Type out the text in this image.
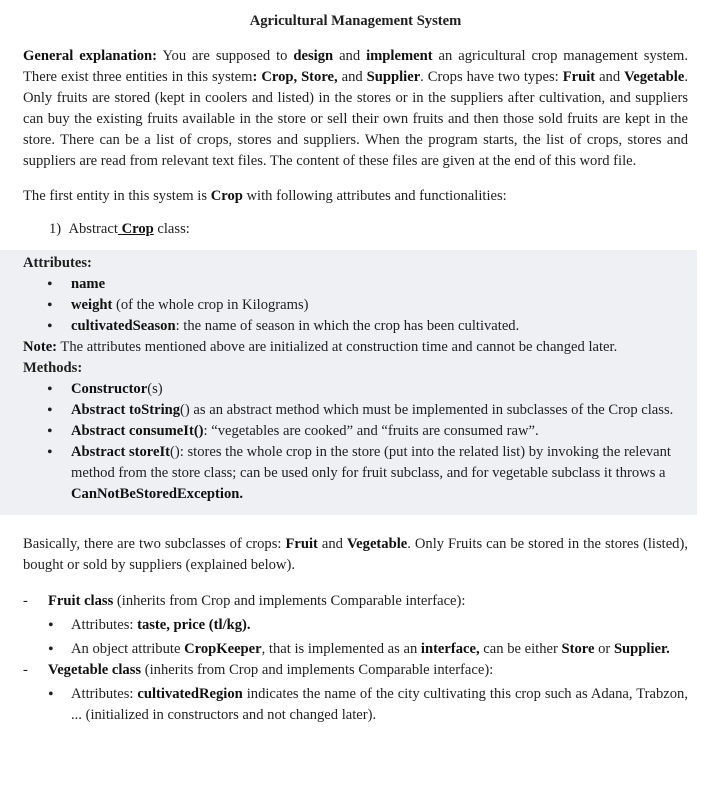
Agricultural Management System

General explanation: You are supposed to design and implement an agricultural crop management system. There exist three entities in this system: Crop, Store, and Supplier. Crops have two types: Fruit and Vegetable. Only fruits are stored (kept in coolers and listed) in the stores or in the suppliers after cultivation, and suppliers can buy the existing fruits available in the store or sell their own fruits and then those sold fruits are kept in the store. There can be a list of crops, stores and suppliers. When the program starts, the list of crops, stores and suppliers are read from relevant text files. The content of these files are given at the end of this word file.

The first entity in this system is Crop with following attributes and functionalities:

1) Abstract Crop class:
Attributes:
• name
• weight (of the whole crop in Kilograms)
• cultivatedSeason: the name of season in which the crop has been cultivated.
Note: The attributes mentioned above are initialized at construction time and cannot be changed later.
Methods:
• Constructor(s)
• Abstract toString() as an abstract method which must be implemented in subclasses of the Crop class.
• Abstract consumeIt(): “vegetables are cooked” and “fruits are consumed raw”.
• Abstract storeIt(): stores the whole crop in the store (put into the related list) by invoking the relevant method from the store class; can be used only for fruit subclass, and for vegetable subclass it throws a CanNotBeStoredException.

Basically, there are two subclasses of crops: Fruit and Vegetable. Only Fruits can be stored in the stores (listed), bought or sold by suppliers (explained below).

- Fruit class (inherits from Crop and implements Comparable interface):
• Attributes: taste, price (tl/kg).
• An object attribute CropKeeper, that is implemented as an interface, can be either Store or Supplier.
- Vegetable class (inherits from Crop and implements Comparable interface):
• Attributes: cultivatedRegion indicates the name of the city cultivating this crop such as Adana, Trabzon, ... (initialized in constructors and not changed later).
